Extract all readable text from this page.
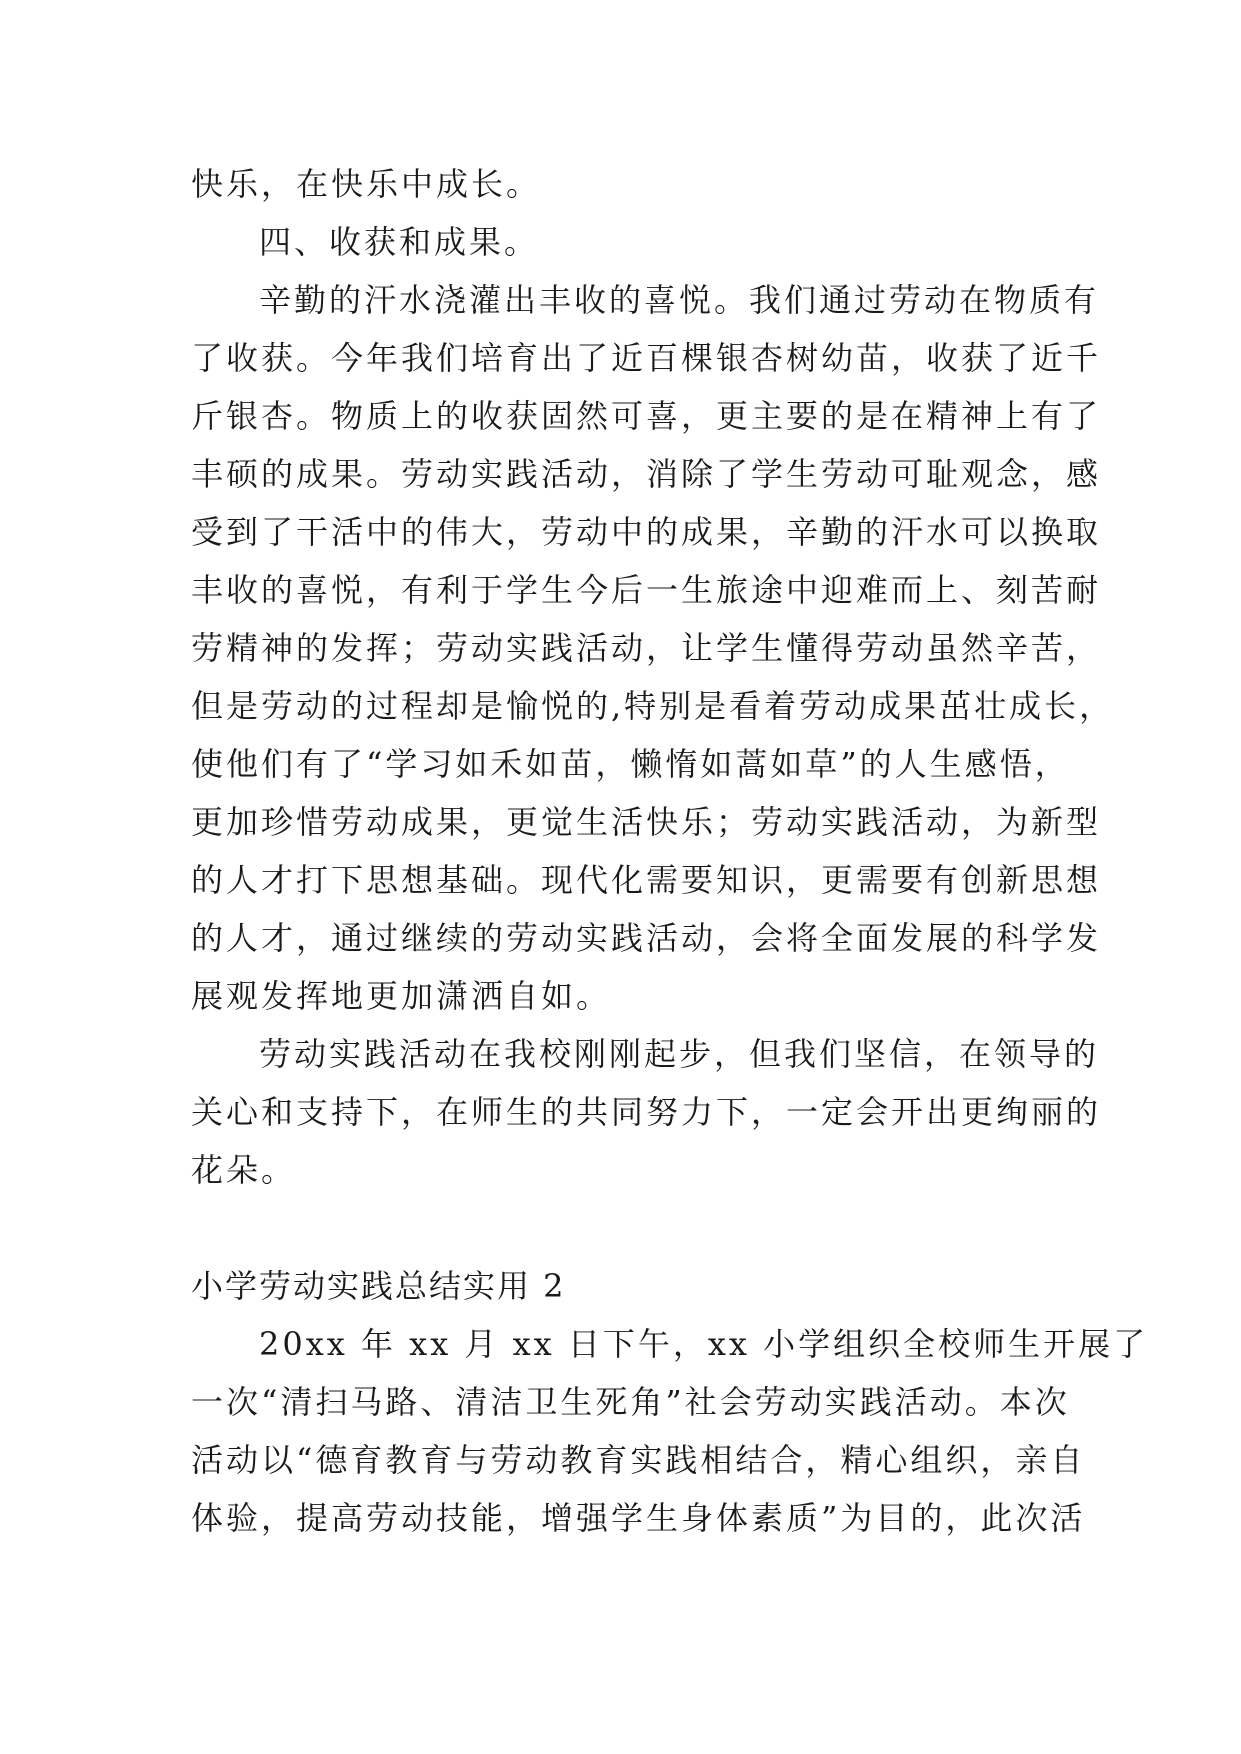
快乐，在快乐中成长。
四、收获和成果。
辛勤的汗水浇灌出丰收的喜悦。我们通过劳动在物质有
了收获。今年我们培育出了近百棵银杏树幼苗，收获了近千
斤银杏。物质上的收获固然可喜，更主要的是在精神上有了
丰硕的成果。劳动实践活动，消除了学生劳动可耻观念，感
受到了干活中的伟大，劳动中的成果，辛勤的汗水可以换取
丰收的喜悦，有利于学生今后一生旅途中迎难而上、刻苦耐
劳精神的发挥；劳动实践活动，让学生懂得劳动虽然辛苦，
但是劳动的过程却是愉悦的,特别是看着劳动成果茁壮成长，
使他们有了“学习如禾如苗，懒惰如蒿如草”的人生感悟，
更加珍惜劳动成果，更觉生活快乐；劳动实践活动，为新型
的人才打下思想基础。现代化需要知识，更需要有创新思想
的人才，通过继续的劳动实践活动，会将全面发展的科学发
展观发挥地更加潇洒自如。
劳动实践活动在我校刚刚起步，但我们坚信，在领导的
关心和支持下，在师生的共同努力下，一定会开出更绚丽的
花朵。
小学劳动实践总结实用 2
20xx 年 xx 月 xx 日下午，xx 小学组织全校师生开展了
一次“清扫马路、清洁卫生死角”社会劳动实践活动。本次
活动以“德育教育与劳动教育实践相结合，精心组织，亲自
体验，提高劳动技能，增强学生身体素质”为目的，此次活
